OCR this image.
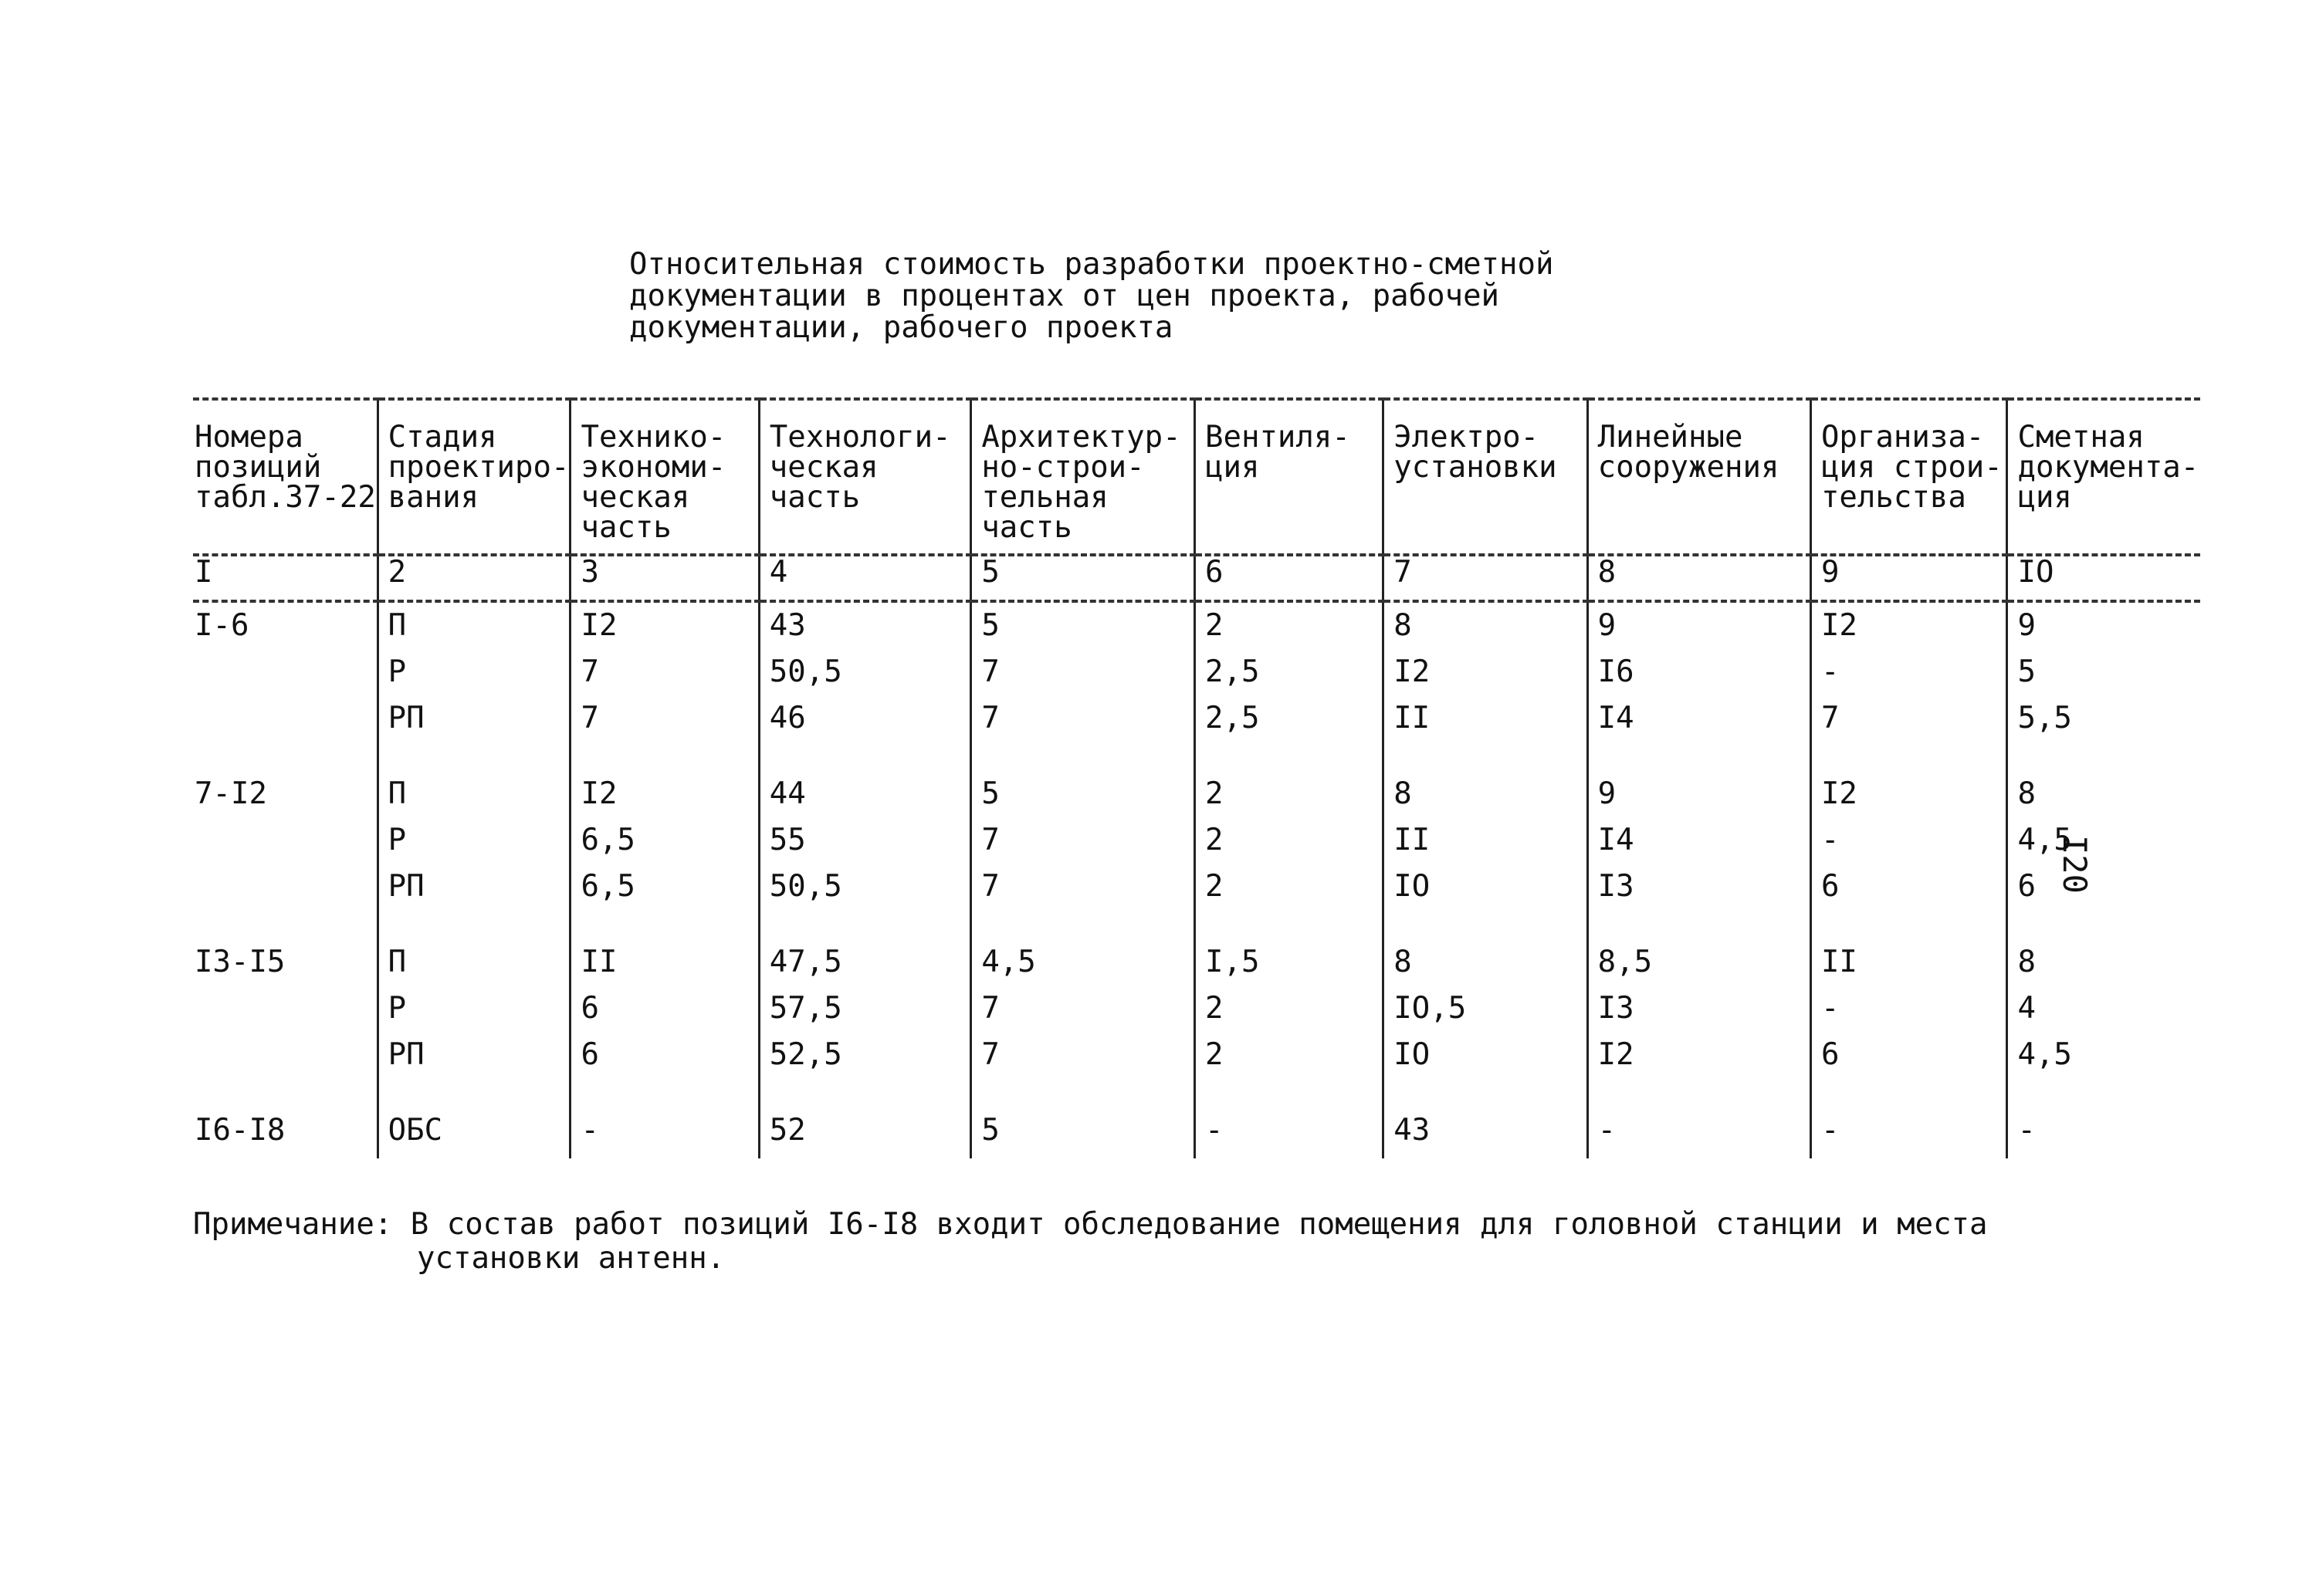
Относительная стоимость разработки проектно-сметной
документации в процентах от цен проекта, рабочей
документации, рабочего проекта
Номера позиций табл.37-22	Стадия проектиро-вания	Технико-экономи-ческая часть	Технологи-ческая часть	Архитектур-но-строи-тельная часть	Вентиля-ция	Электро-установки	Линейные сооружения	Организа-ция строи-тельства	Сметная документа-ция
I	2	3	4	5	6	7	8	9	IO
I-6	П	I2	43	5	2	8	9	I2	9
	Р	7	50,5	7	2,5	I2	I6	-	5
	РП	7	46	7	2,5	II	I4	7	5,5
7-I2	П	I2	44	5	2	8	9	I2	8
	Р	6,5	55	7	2	II	I4	-	4,5
	РП	6,5	50,5	7	2	IO	I3	6	6
I3-I5	П	II	47,5	4,5	I,5	8	8,5	II	8
	Р	6	57,5	7	2	IO,5	I3	-	4
	РП	6	52,5	7	2	IO	I2	6	4,5
I6-I8	ОБС	-	52	5	-	43	-	-	-
I20
Примечание: В состав работ позиций I6-I8 входит обследование помещения для головной станции и места
установки антенн.
